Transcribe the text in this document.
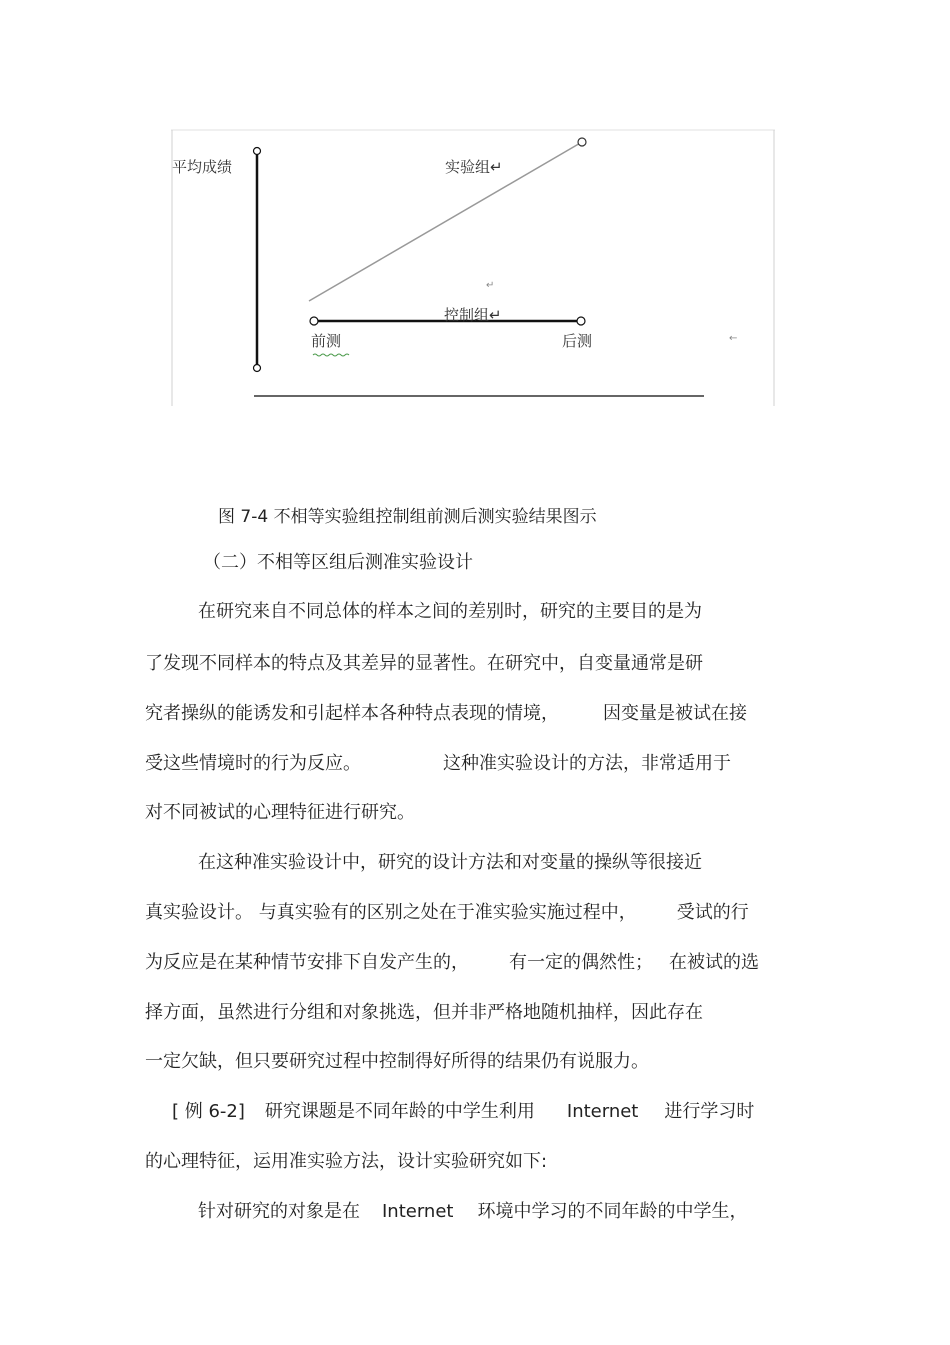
平均成绩	实验组↵
控制组↵
前测	后测
↵
←
图 7-4 不相等实验组控制组前测后测实验结果图示
（二）不相等区组后测准实验设计
在研究来自不同总体的样本之间的差别时，研究的主要目的是为
了发现不同样本的特点及其差异的显著性。在研究中，自变量通常是研
究者操纵的能诱发和引起样本各种特点表现的情境， 因变量是被试在接
受这些情境时的行为反应。	这种准实验设计的方法，非常适用于
对不同被试的心理特征进行研究。
在这种准实验设计中，研究的设计方法和对变量的操纵等很接近
真实验设计。 与真实验有的区别之处在于准实验实施过程中， 受试的行
为反应是在某种情节安排下自发产生的， 有一定的偶然性； 在被试的选
择方面，虽然进行分组和对象挑选，但并非严格地随机抽样，因此存在
一定欠缺，但只要研究过程中控制得好所得的结果仍有说服力。
[ 例 6-2] 研究课题是不同年龄的中学生利用 Internet 进行学习时
的心理特征，运用准实验方法，设计实验研究如下:
针对研究的对象是在 Internet 环境中学习的不同年龄的中学生，
